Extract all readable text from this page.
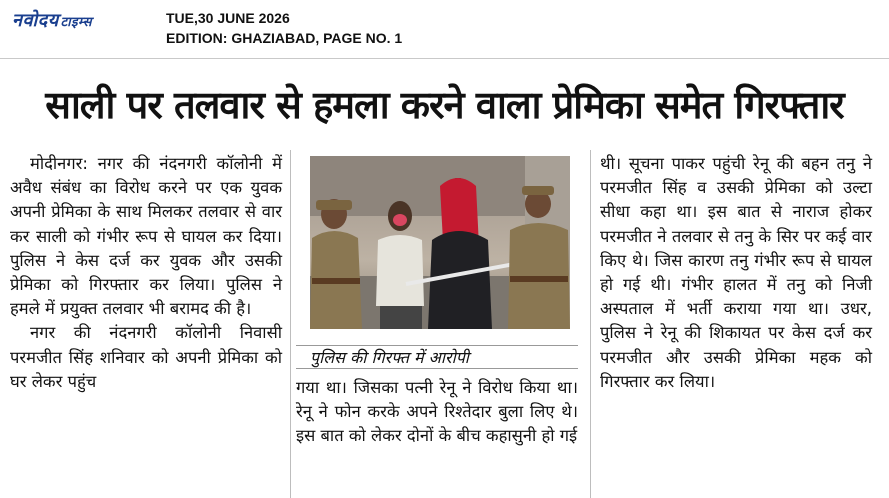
नवोदय टाइम्स	TUE,30 JUNE 2026
EDITION: GHAZIABAD, PAGE NO. 1
साली पर तलवार से हमला करने वाला प्रेमिका समेत गिरफ्तार

मोदीनगर: नगर की नंदनगरी कॉलोनी में अवैध संबंध का विरोध करने पर एक युवक अपनी प्रेमिका के साथ मिलकर तलवार से वार कर साली को गंभीर रूप से घायल कर दिया। पुलिस ने केस दर्ज कर युवक और उसकी प्रेमिका को गिरफ्तार कर लिया। पुलिस ने हमले में प्रयुक्त तलवार भी बरामद की है।

नगर की नंदनगरी कॉलोनी निवासी परमजीत सिंह शनिवार को अपनी प्रेमिका को घर लेकर पहुंच

पुलिस की गिरफ्त में आरोपी

गया था। जिसका पत्नी रेनू ने विरोध किया था। रेनू ने फोन करके अपने रिश्तेदार बुला लिए थे। इस बात को लेकर दोनों के बीच कहासुनी हो गई

थी। सूचना पाकर पहुंची रेनू की बहन तनु ने परमजीत सिंह व उसकी प्रेमिका को उल्टा सीधा कहा था। इस बात से नाराज होकर परमजीत ने तलवार से तनु के सिर पर कई वार किए थे। जिस कारण तनु गंभीर रूप से घायल हो गई थी। गंभीर हालत में तनु को निजी अस्पताल में भर्ती कराया गया था। उधर, पुलिस ने रेनू की शिकायत पर केस दर्ज कर परमजीत और उसकी प्रेमिका महक को गिरफ्तार कर लिया।
